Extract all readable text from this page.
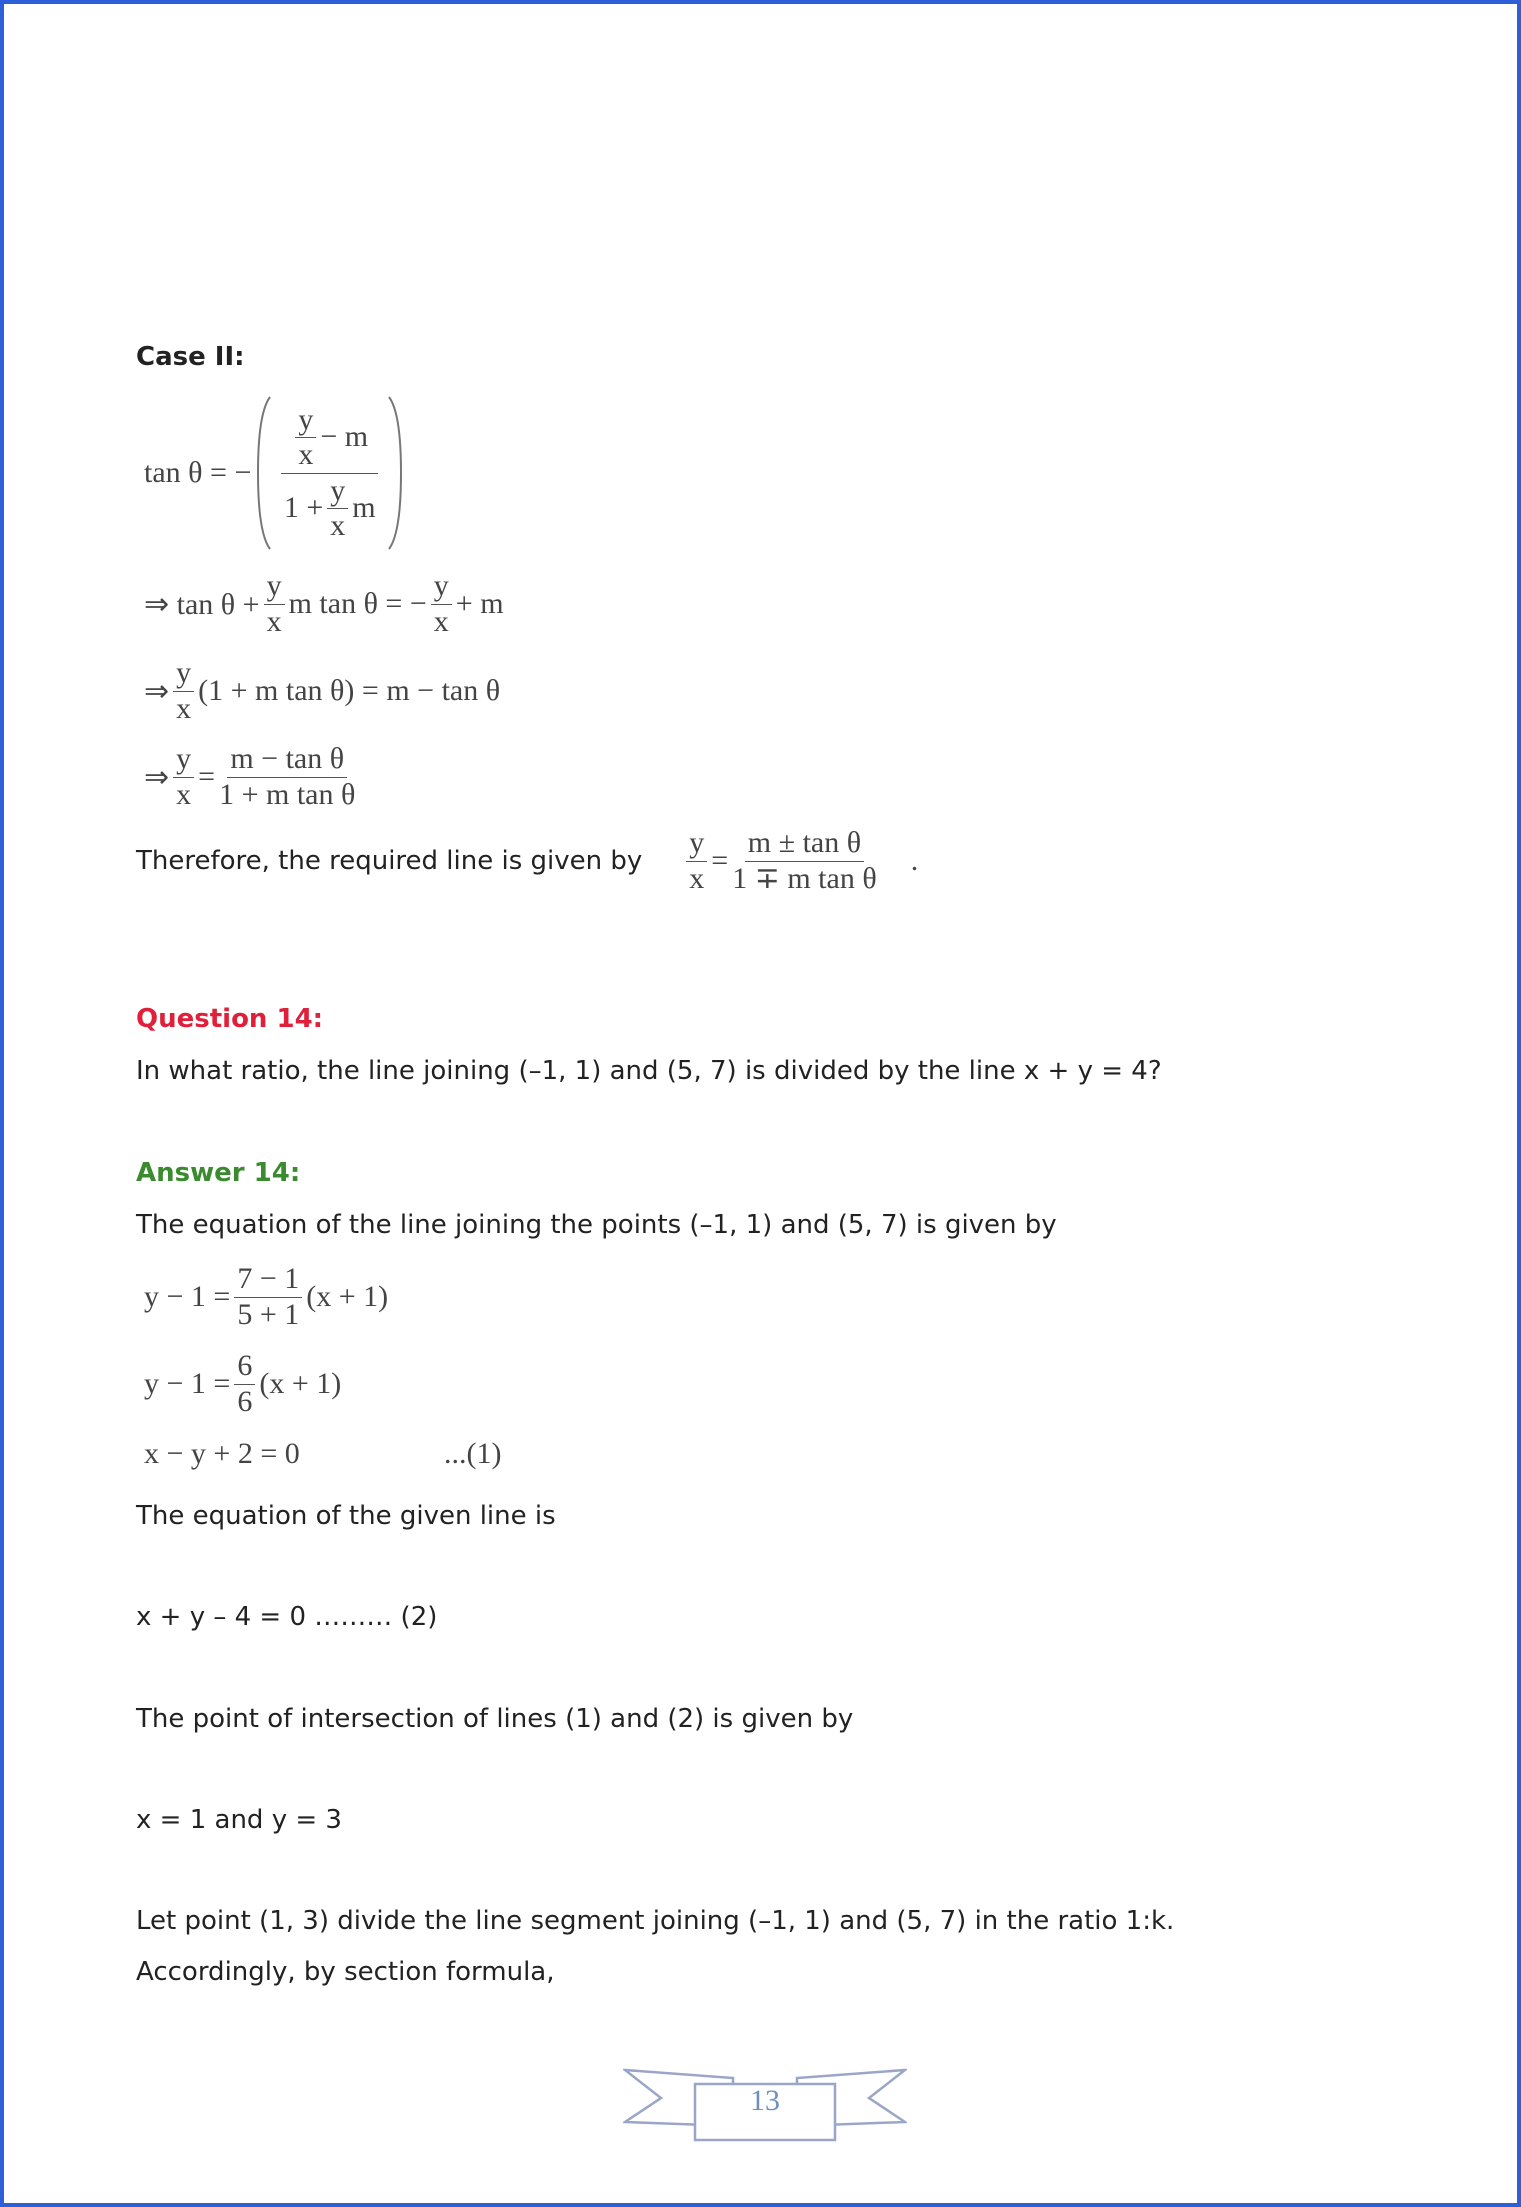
Case II:
tan θ = −
y
x
− m
$1 + \frac{y}{x}$ m
⇒ $\tan \theta + \frac{y}{x}$ m tan θ = − $\frac{y}{x} + m$
⇒
y
x
(1 + m tan θ) = m − tan θ
⇒ $\frac{y}{x} = \frac{\text{m − tan θ}}{\text{1 + m tan θ}}$
Therefore, the required line is given by $\frac{y}{x} = \frac{\text{m ± tan θ}}{\text{1 ∓ m tan θ}}$ .
Question 14:
In what ratio, the line joining (–1, 1) and (5, 7) is divided by the line x + y = 4?
Answer 14:
The equation of the line joining the points (–1, 1) and (5, 7) is given by
$y - 1 = \frac{7 - 1}{5 + 1} (x + 1)$
$y - 1 = \frac{6}{6} (x + 1)$
x − y + 2 = 0	...(1)
The equation of the given line is
x + y – 4 = 0 ……… (2)
The point of intersection of lines (1) and (2) is given by
x = 1 and y = 3
Let point (1, 3) divide the line segment joining (–1, 1) and (5, 7) in the ratio 1:k.
Accordingly, by section formula,
13
